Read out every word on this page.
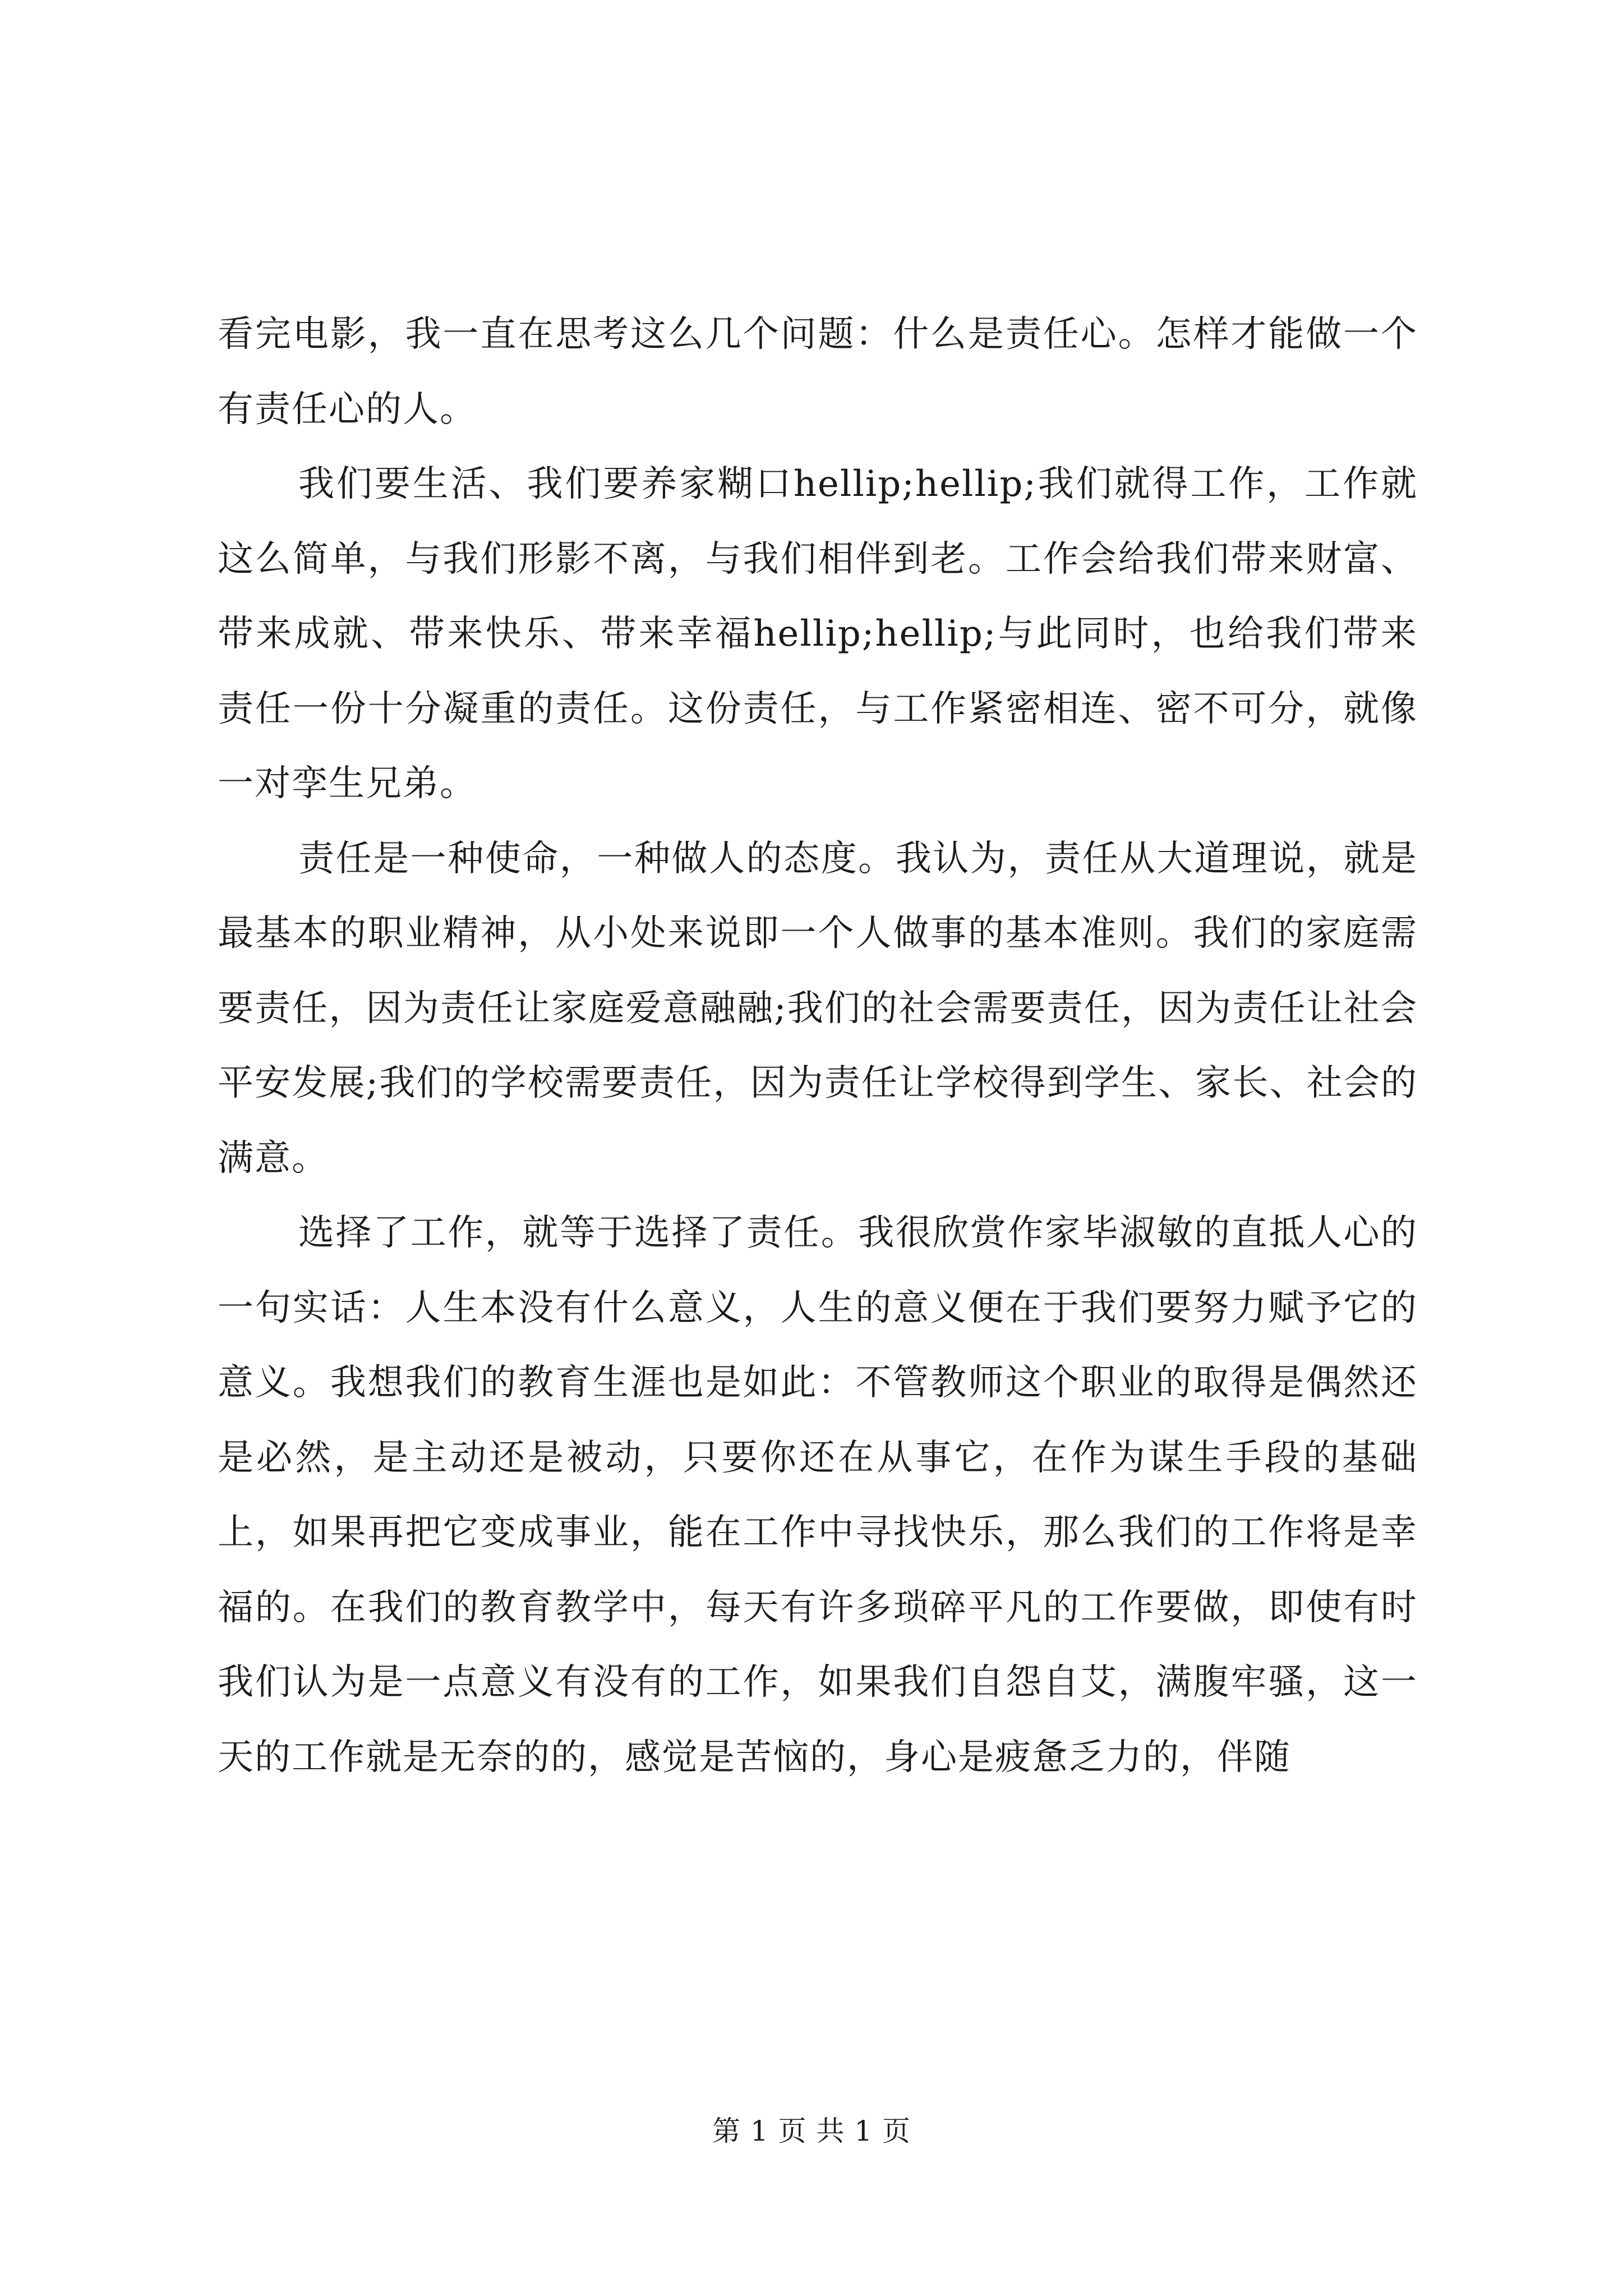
看完电影，我一直在思考这么几个问题：什么是责任心。怎样才能做一个有责任心的人。

我们要生活、我们要养家糊口hellip;hellip;我们就得工作，工作就这么简单，与我们形影不离，与我们相伴到老。工作会给我们带来财富、带来成就、带来快乐、带来幸福hellip;hellip;与此同时，也给我们带来责任一份十分凝重的责任。这份责任，与工作紧密相连、密不可分，就像一对孪生兄弟。

责任是一种使命，一种做人的态度。我认为，责任从大道理说，就是最基本的职业精神，从小处来说即一个人做事的基本准则。我们的家庭需要责任，因为责任让家庭爱意融融;我们的社会需要责任，因为责任让社会平安发展;我们的学校需要责任，因为责任让学校得到学生、家长、社会的满意。

选择了工作，就等于选择了责任。我很欣赏作家毕淑敏的直抵人心的一句实话：人生本没有什么意义，人生的意义便在于我们要努力赋予它的意义。我想我们的教育生涯也是如此：不管教师这个职业的取得是偶然还是必然，是主动还是被动，只要你还在从事它，在作为谋生手段的基础上，如果再把它变成事业，能在工作中寻找快乐，那么我们的工作将是幸福的。在我们的教育教学中，每天有许多琐碎平凡的工作要做，即使有时我们认为是一点意义有没有的工作，如果我们自怨自艾，满腹牢骚，这一天的工作就是无奈的的，感觉是苦恼的，身心是疲惫乏力的，伴随

第 1 页 共 1 页
